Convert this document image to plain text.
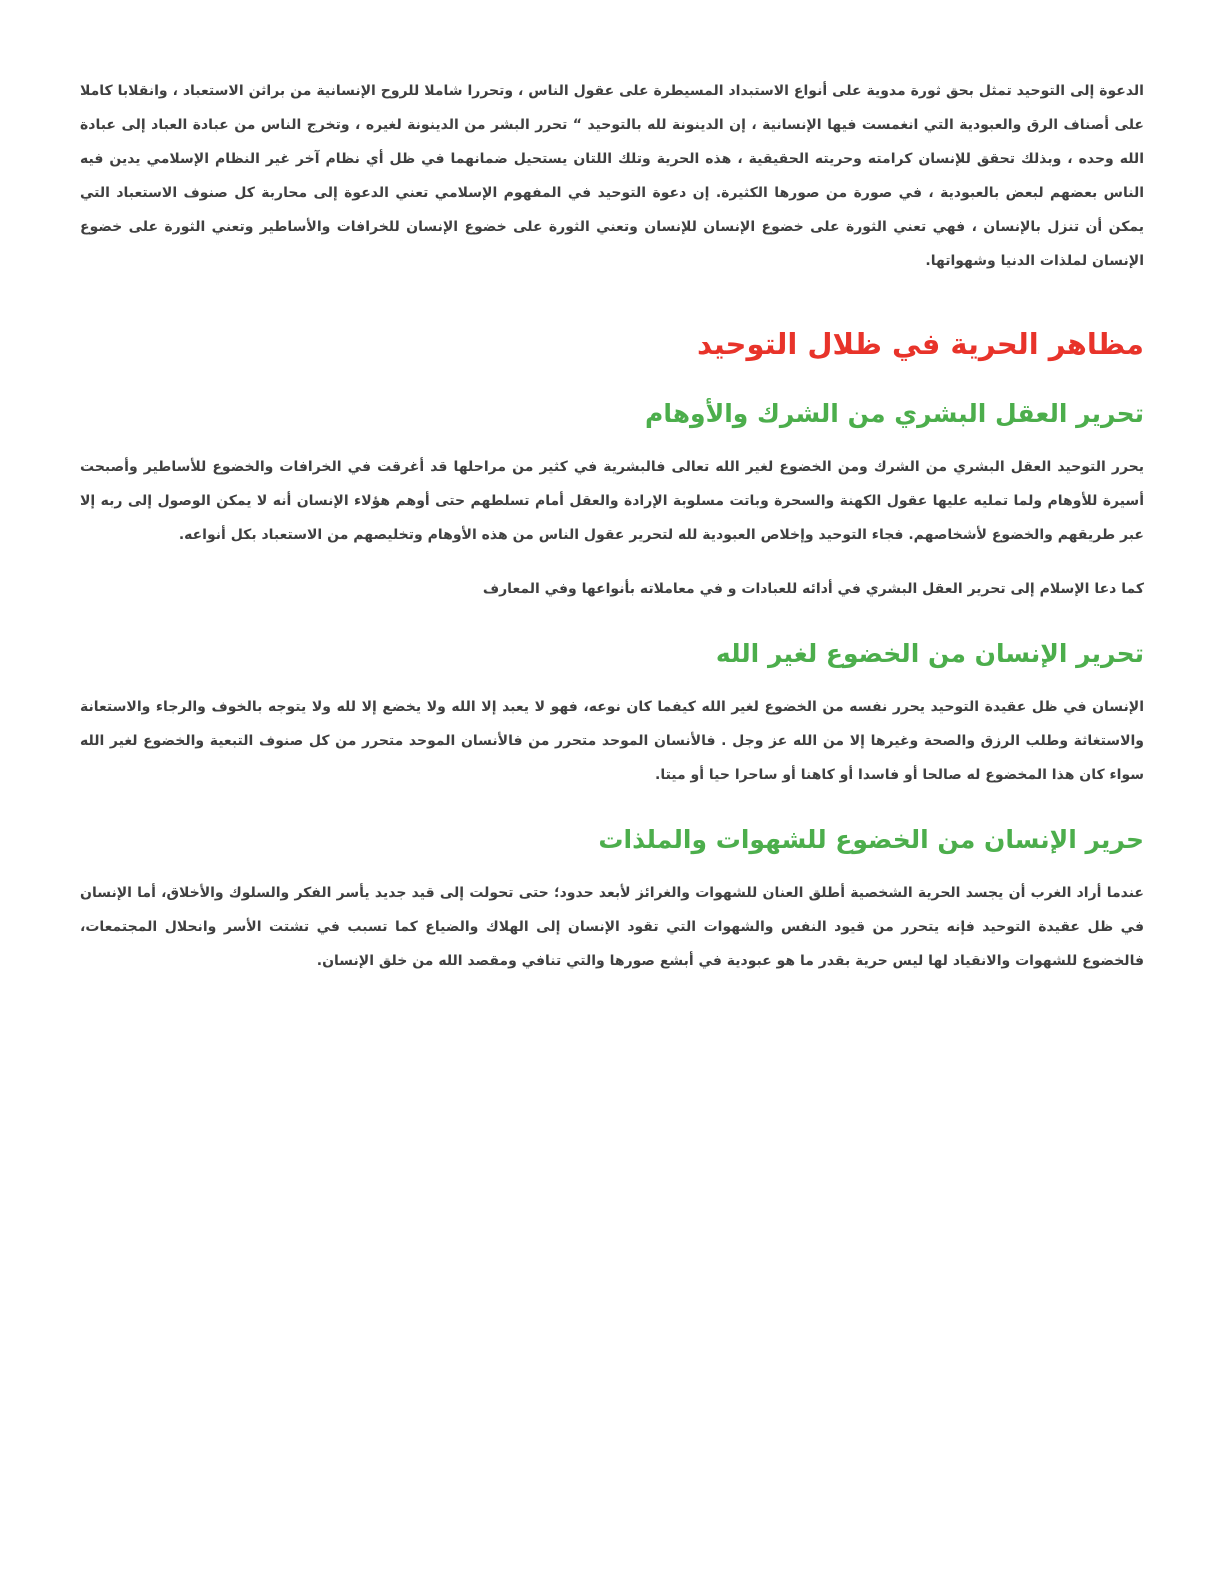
الدعوة إلى التوحيد تمثل بحق ثورة مدوية على أنواع الاستبداد المسيطرة على عقول الناس ، وتحررا شاملا للروح الإنسانية من براثن الاستعباد ، وانقلابا كاملا على أصناف الرق والعبودية التي انغمست فيها الإنسانية ، إن الدينونة لله بالتوحيد “ تحرر البشر من الدينونة لغيره ، وتخرج الناس من عبادة العباد إلى عبادة الله وحده ، وبذلك تحقق للإنسان كرامته وحريته الحقيقية ، هذه الحرية وتلك اللتان يستحيل ضمانهما في ظل أي نظام آخر غير النظام الإسلامي يدين فيه الناس بعضهم لبعض بالعبودية ، في صورة من صورها الكثيرة. إن دعوة التوحيد في المفهوم الإسلامي تعني الدعوة إلى محاربة كل صنوف الاستعباد التي يمكن أن تنزل بالإنسان ، فهي تعني الثورة على خضوع الإنسان للإنسان وتعني الثورة على خضوع الإنسان للخرافات والأساطير وتعني الثورة على خضوع الإنسان لملذات الدنيا وشهواتها.

مظاهر الحرية في ظلال التوحيد
تحرير العقل البشري من الشرك والأوهام

يحرر التوحيد العقل البشري من الشرك ومن الخضوع لغير الله تعالى فالبشرية في كثير من مراحلها قد أغرقت في الخرافات والخضوع للأساطير وأصبحت أسيرة للأوهام ولما تمليه عليها عقول الكهنة والسحرة وباتت مسلوبة الإرادة والعقل أمام تسلطهم حتى أوهم هؤلاء الإنسان أنه لا يمكن الوصول إلى ربه إلا عبر طريقهم والخضوع لأشخاصهم. فجاء التوحيد وإخلاص العبودية لله لتحرير عقول الناس من هذه الأوهام وتخليصهم من الاستعباد بكل أنواعه.

كما دعا الإسلام إلى تحرير العقل البشري في أدائه للعبادات و في معاملاته بأنواعها وفي المعارف

تحرير الإنسان من الخضوع لغير الله

الإنسان في ظل عقيدة التوحيد يحرر نفسه من الخضوع لغير الله كيفما كان نوعه، فهو لا يعبد إلا الله ولا يخضع إلا لله ولا يتوجه بالخوف والرجاء والاستعانة والاستغاثة وطلب الرزق والصحة وغيرها إلا من الله عز وجل . فالأنسان الموحد متحرر من فالأنسان الموحد متحرر من كل صنوف التبعية والخضوع لغير الله سواء كان هذا المخضوع له صالحا أو فاسدا أو كاهنا أو ساحرا حيا أو ميتا.

حرير الإنسان من الخضوع للشهوات والملذات

عندما أراد الغرب أن يجسد الحرية الشخصية أطلق العنان للشهوات والغرائز لأبعد حدود؛ حتى تحولت إلى قيد جديد يأسر الفكر والسلوك والأخلاق، أما الإنسان في ظل عقيدة التوحيد فإنه يتحرر من قيود النفس والشهوات التي تقود الإنسان إلى الهلاك والضياع كما تسبب في تشتت الأسر وانحلال المجتمعات، فالخضوع للشهوات والانقياد لها ليس حرية بقدر ما هو عبودية في أبشع صورها والتي تنافي ومقصد الله من خلق الإنسان.
